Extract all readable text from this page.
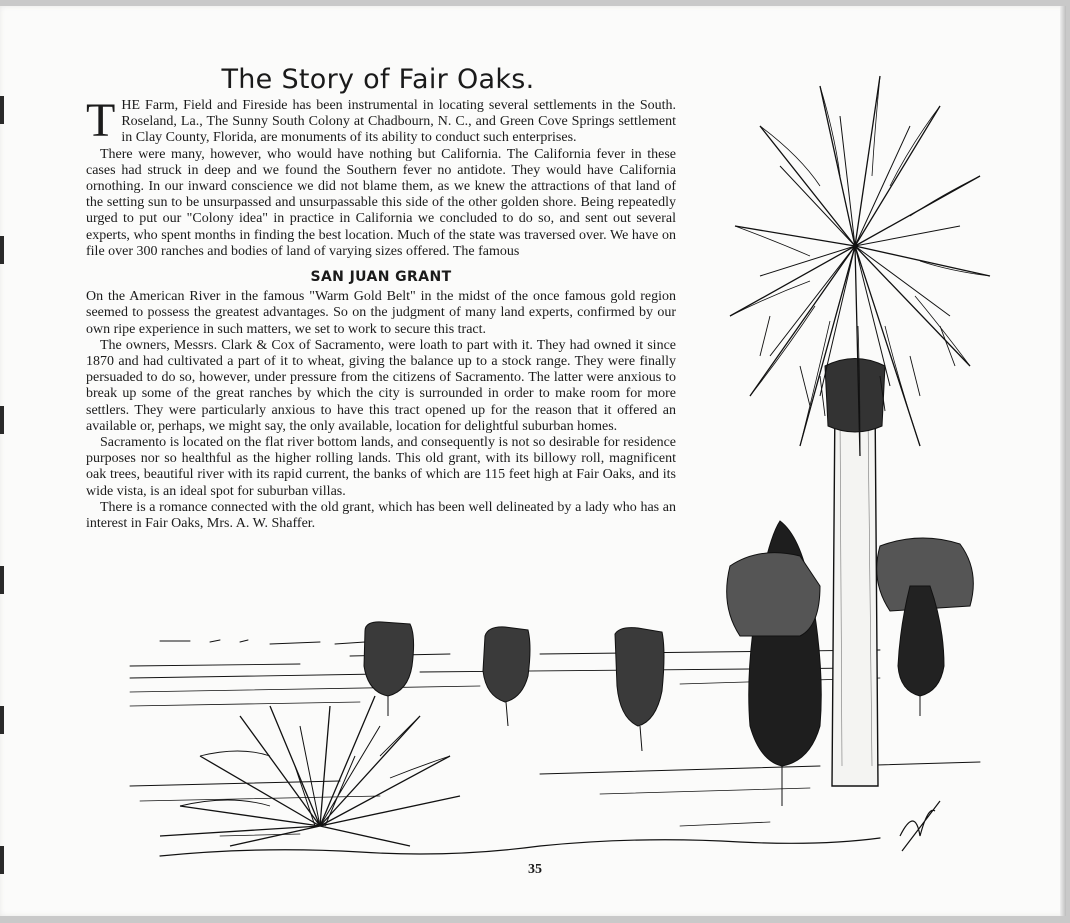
The Story of Fair Oaks.

THE Farm, Field and Fireside has been instrumental in locating several settlements in the South. Roseland, La., The Sunny South Colony at Chadbourn, N. C., and Green Cove Springs settlement in Clay County, Florida, are monuments of its ability to conduct such enterprises.

There were many, however, who would have nothing but California. The California fever in these cases had struck in deep and we found the Southern fever no antidote. They would have California ornothing. In our inward conscience we did not blame them, as we knew the attractions of that land of the setting sun to be unsurpassed and unsurpassable this side of the other golden shore. Being repeatedly urged to put our "Colony idea" in practice in California we concluded to do so, and sent out several experts, who spent months in finding the best location. Much of the state was traversed over. We have on file over 300 ranches and bodies of land of varying sizes offered. The famous

SAN JUAN GRANT

On the American River in the famous "Warm Gold Belt" in the midst of the once famous gold region seemed to possess the greatest advantages. So on the judgment of many land experts, confirmed by our own ripe experience in such matters, we set to work to secure this tract.

The owners, Messrs. Clark & Cox of Sacramento, were loath to part with it. They had owned it since 1870 and had cultivated a part of it to wheat, giving the balance up to a stock range. They were finally persuaded to do so, however, under pressure from the citizens of Sacramento. The latter were anxious to break up some of the great ranches by which the city is surrounded in order to make room for more settlers. They were particularly anxious to have this tract opened up for the reason that it offered an available or, perhaps, we might say, the only available, location for delightful suburban homes.

Sacramento is located on the flat river bottom lands, and consequently is not so desirable for residence purposes nor so healthful as the higher rolling lands. This old grant, with its billowy roll, magnificent oak trees, beautiful river with its rapid current, the banks of which are 115 feet high at Fair Oaks, and its wide vista, is an ideal spot for suburban villas.

There is a romance connected with the old grant, which has been well delineated by a lady who has an interest in Fair Oaks, Mrs. A. W. Shaffer.

35
